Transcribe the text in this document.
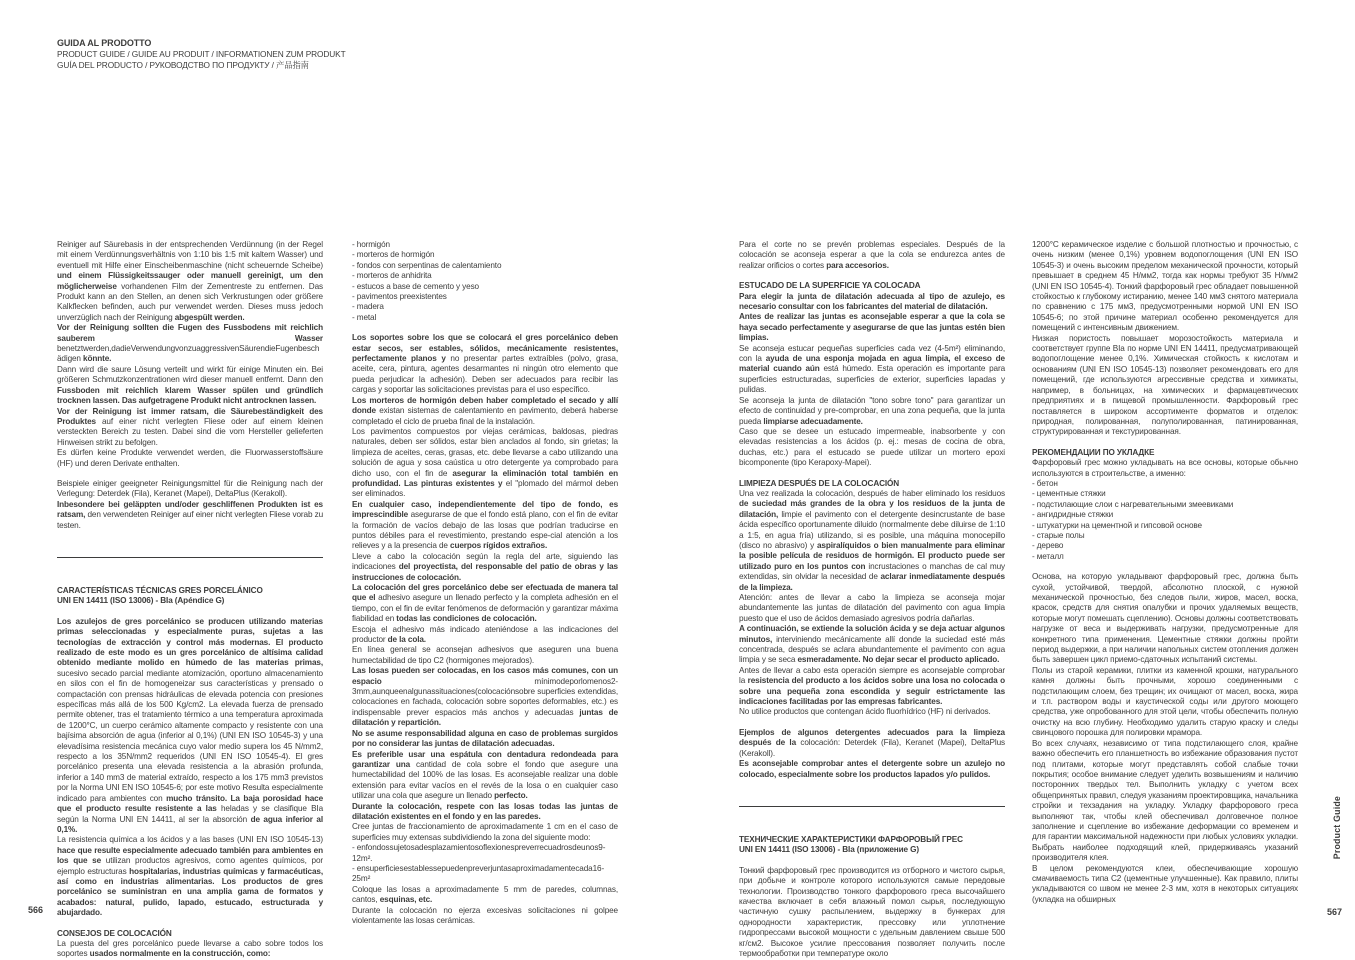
GUIDA AL PRODOTTO
PRODUCT GUIDE / GUIDE AU PRODUIT / INFORMATIONEN ZUM PRODUKT
GUÍA DEL PRODUCTO / РУКОВОДСТВО ПО ПРОДУКТУ / 产品指南

Reiniger auf Säurebasis in der entsprechenden Verdünnung (in der Regel mit einem Verdünnungsverhältnis von 1:10 bis 1:5 mit kaltem Wasser) und eventuell mit Hilfe einer Einscheibenmaschine (nicht scheuernde Scheibe) und einem Flüssigkeitssauger oder manuell gereinigt, um den möglicherweise vorhandenen Film der Zementreste zu entfernen. Das Produkt kann an den Stellen, an denen sich Verkrustungen oder größere Kalkflecken befinden, auch pur verwendet werden. Dieses muss jedoch unverzüglich nach der Reinigung abgespült werden.

Vor der Reinigung sollten die Fugen des Fussbodens mit reichlich sauberem Wasser benetztwerden,dadieVerwendungvonzuaggressivenSäurendieFugenbeschädigen könnte.

Dann wird die saure Lösung verteilt und wirkt für einige Minuten ein. Bei größeren Schmutzkonzentrationen wird dieser manuell entfernt. Dann den Fussboden mit reichlich klarem Wasser spülen und gründlich trocknen lassen. Das aufgetragene Produkt nicht antrocknen lassen.

Vor der Reinigung ist immer ratsam, die Säurebeständigkeit des Produktes auf einer nicht verlegten Fliese oder auf einem kleinen versteckten Bereich zu testen. Dabei sind die vom Hersteller gelieferten Hinweisen strikt zu befolgen.

Es dürfen keine Produkte verwendet werden, die Fluorwasserstoffsäure (HF) und deren Derivate enthalten.

Beispiele einiger geeigneter Reinigungsmittel für die Reinigung nach der Verlegung: Deterdek (Fila), Keranet (Mapei), DeltaPlus (Kerakoll).

Inbesondere bei geläppten und/oder geschliffenen Produkten ist es ratsam, den verwendeten Reiniger auf einer nicht verlegten Fliese vorab zu testen.

CARACTERÍSTICAS TÉCNICAS GRES PORCELÁNICO

UNI EN 14411 (ISO 13006) - BIa (Apéndice G)

Los azulejos de gres porcelánico se producen utilizando materias primas seleccionadas y especialmente puras, sujetas a las tecnologías de extracción y control más modernas. El producto realizado de este modo es un gres porcelánico de altísima calidad obtenido mediante molido en húmedo de las materias primas, sucesivo secado parcial mediante atomización, oportuno almacenamiento en silos con el fin de homogeneizar sus características y prensado o compactación con prensas hidráulicas de elevada potencia con presiones específicas más allá de los 500 Kg/cm2. La elevada fuerza de prensado permite obtener, tras el tratamiento térmico a una temperatura aproximada de 1200°C, un cuerpo cerámico altamente compacto y resistente con una bajísima absorción de agua (inferior al 0,1%) (UNI EN ISO 10545-3) y una elevadísima resistencia mecánica cuyo valor medio supera los 45 N/mm2, respecto a los 35N/mm2 requeridos (UNI EN ISO 10545-4). El gres porcelánico presenta una elevada resistencia a la abrasión profunda, inferior a 140 mm3 de material extraído, respecto a los 175 mm3 previstos por la Norma UNI EN ISO 10545-6; por este motivo Resulta especialmente indicado para ambientes con mucho tránsito. La baja porosidad hace que el producto resulte resistente a las heladas y se clasifique BIa según la Norma UNI EN 14411, al ser la absorción de agua inferior al 0,1%.

La resistencia química a los ácidos y a las bases (UNI EN ISO 10545-13) hace que resulte especialmente adecuado también para ambientes en los que se utilizan productos agresivos, como agentes químicos, por ejemplo estructuras hospitalarias, industrias químicas y farmacéuticas, así como en industrias alimentarias. Los productos de gres porcelánico se suministran en una amplia gama de formatos y acabados: natural, pulido, lapado, estucado, estructurada y abujardado.

CONSEJOS DE COLOCACIÓN

La puesta del gres porcelánico puede llevarse a cabo sobre todos los soportes usados normalmente en la construcción, como:

- hormigón

- morteros de hormigón

- fondos con serpentinas de calentamiento

- morteros de anhidrita

- estucos a base de cemento y yeso

- pavimentos preexistentes

- madera

- metal

Los soportes sobre los que se colocará el gres porcelánico deben estar secos, ser estables, sólidos, mecánicamente resistentes, perfectamente planos y no presentar partes extraíbles (polvo, grasa, aceite, cera, pintura, agentes desarmantes ni ningún otro elemento que pueda perjudicar la adhesión). Deben ser adecuados para recibir las cargas y soportar las solicitaciones previstas para el uso específico.

Los morteros de hormigón deben haber completado el secado y allí donde existan sistemas de calentamiento en pavimento, deberá haberse completado el ciclo de prueba final de la instalación.

Los pavimentos compuestos por viejas cerámicas, baldosas, piedras naturales, deben ser sólidos, estar bien anclados al fondo, sin grietas; la limpieza de aceites, ceras, grasas, etc. debe llevarse a cabo utilizando una solución de agua y sosa caústica u otro detergente ya comprobado para dicho uso, con el fin de asegurar la eliminación total también en profundidad. Las pinturas existentes y el "plomado del mármol deben ser eliminados.

En cualquier caso, independientemente del tipo de fondo, es imprescindible asegurarse de que el fondo está plano, con el fin de evitar la formación de vacíos debajo de las losas que podrían traducirse en puntos débiles para el revestimiento, prestando espe-cial atención a los relieves y a la presencia de cuerpos rígidos extraños.

Lleve a cabo la colocación según la regla del arte, siguiendo las indicaciones del proyectista, del responsable del patio de obras y las instrucciones de colocación.

La colocación del gres porcelánico debe ser efectuada de manera tal que el adhesivo asegure un llenado perfecto y la completa adhesión en el tiempo, con el fin de evitar fenómenos de deformación y garantizar máxima fiabilidad en todas las condiciones de colocación.

Escoja el adhesivo más indicado ateniéndose a las indicaciones del productor de la cola.

En línea general se aconsejan adhesivos que aseguren una buena humectabilidad de tipo C2 (hormigones mejorados).

Las losas pueden ser colocadas, en los casos más comunes, con un espacio mínimodeporlomenos2-3mm,aunqueenalgunassituaciones(colocaciónsobre superficies extendidas, colocaciones en fachada, colocación sobre soportes deformables, etc.) es indispensable prever espacios más anchos y adecuadas juntas de dilatación y repartición.

No se asume responsabilidad alguna en caso de problemas surgidos por no considerar las juntas de dilatación adecuadas.

Es preferible usar una espátula con dentadura redondeada para garantizar una cantidad de cola sobre el fondo que asegure una humectabilidad del 100% de las losas. Es aconsejable realizar una doble extensión para evitar vacíos en el revés de la losa o en cualquier caso utilizar una cola que asegure un llenado perfecto.

Durante la colocación, respete con las losas todas las juntas de dilatación existentes en el fondo y en las paredes.

Cree juntas de fraccionamiento de aproximadamente 1 cm en el caso de superficies muy extensas subdividiendo la zona del siguiente modo:

- enfondossujetosadesplazamientosoflexionespreverrecuadrosdeunos9-12m².

- ensuperficiesestablessepuedenpreverjuntasaproximadamentecada16-25m²

Coloque las losas a aproximadamente 5 mm de paredes, columnas, cantos, esquinas, etc.

Durante la colocación no ejerza excesivas solicitaciones ni golpee violentamente las losas cerámicas.

Para el corte no se prevén problemas especiales. Después de la colocación se aconseja esperar a que la cola se endurezca antes de realizar orificios o cortes para accesorios.

ESTUCADO DE LA SUPERFICIE YA COLOCADA

Para elegir la junta de dilatación adecuada al tipo de azulejo, es necesario consultar con los fabricantes del material de dilatación.

Antes de realizar las juntas es aconsejable esperar a que la cola se haya secado perfectamente y asegurarse de que las juntas estén bien limpias.

Se aconseja estucar pequeñas superficies cada vez (4-5m²) eliminando, con la ayuda de una esponja mojada en agua limpia, el exceso de material cuando aún está húmedo. Esta operación es importante para superficies estructuradas, superficies de exterior, superficies lapadas y pulidas.

Se aconseja la junta de dilatación "tono sobre tono" para garantizar un efecto de continuidad y pre-comprobar, en una zona pequeña, que la junta pueda limpiarse adecuadamente.

Caso que se desee un estucado impermeable, inabsorbente y con elevadas resistencias a los ácidos (p. ej.: mesas de cocina de obra, duchas, etc.) para el estucado se puede utilizar un mortero epoxi bicomponente (tipo Kerapoxy-Mapei).

LIMPIEZA DESPUÉS DE LA COLOCACIÓN

Una vez realizada la colocación, después de haber eliminado los residuos de suciedad más grandes de la obra y los residuos de la junta de dilatación, limpie el pavimento con el detergente desincrustante de base ácida específico oportunamente diluido (normalmente debe diluirse de 1:10 a 1:5, en agua fría) utilizando, si es posible, una máquina monocepillo (disco no abrasivo) y aspiralíquidos o bien manualmente para eliminar la posible película de residuos de hormigón. El producto puede ser utilizado puro en los puntos con incrustaciones o manchas de cal muy extendidas, sin olvidar la necesidad de aclarar inmediatamente después de la limpieza.

Atención: antes de llevar a cabo la limpieza se aconseja mojar abundantemente las juntas de dilatación del pavimento con agua limpia puesto que el uso de ácidos demasiado agresivos podría dañarlas.

A continuación, se extiende la solución ácida y se deja actuar algunos minutos, interviniendo mecánicamente allí donde la suciedad esté más concentrada, después se aclara abundantemente el pavimento con agua limpia y se seca esmeradamente. No dejar secar el producto aplicado.

Antes de llevar a cabo esta operación siempre es aconsejable comprobar la resistencia del producto a los ácidos sobre una losa no colocada o sobre una pequeña zona escondida y seguir estrictamente las indicaciones facilitadas por las empresas fabricantes.

No utilice productos que contengan ácido fluorhídrico (HF) ni derivados.

Ejemplos de algunos detergentes adecuados para la limpieza después de la colocación: Deterdek (Fila), Keranet (Mapei), DeltaPlus (Kerakoll).

Es aconsejable comprobar antes el detergente sobre un azulejo no colocado, especialmente sobre los productos lapados y/o pulidos.

ТЕХНИЧЕСКИЕ ХАРАКТЕРИСТИКИ ФАРФОРОВЫЙ ГРЕС

UNI EN 14411 (ISO 13006) - BIa (приложение G)

Тонкий фарфоровый грес производится из отборного и чистого сырья, при добыче и контроле которого используются самые передовые технологии. Производство тонкого фарфорового греса высочайшего качества включает в себя влажный помол сырья, последующую частичную сушку распылением, выдержку в бункерах для однородности характеристик, прессовку или уплотнение гидропрессами высокой мощности с удельным давлением свыше 500 кг/см2. Высокое усилие прессования позволяет получить после термообработки при температуре около

1200°C керамическое изделие с большой плотностью и прочностью, с очень низким (менее 0,1%) уровнем водопоглощения (UNI EN ISO 10545-3) и очень высоким пределом механической прочности, который превышает в среднем 45 Н/мм2, тогда как нормы требуют 35 Н/мм2 (UNI EN ISO 10545-4). Тонкий фарфоровый грес обладает повышенной стойкостью к глубокому истиранию, менее 140 мм3 снятого материала по сравнению с 175 мм3, предусмотренными нормой UNI EN ISO 10545-6; по этой причине материал особенно рекомендуется для помещений с интенсивным движением.

Низкая пористость повышает морозостойкость материала и соответствует группе BIa по норме UNI EN 14411, предусматривающей водопоглощение менее 0,1%. Химическая стойкость к кислотам и основаниям (UNI EN ISO 10545-13) позволяет рекомендовать его для помещений, где используются агрессивные средства и химикаты, например, в больницах, на химических и фармацевтических предприятиях и в пищевой промышленности. Фарфоровый грес поставляется в широком ассортименте форматов и отделок: природная, полированная, полуполированная, патинированная, структурированная и текстурированная.

РЕКОМЕНДАЦИИ ПО УКЛАДКЕ

Фарфоровый грес можно укладывать на все основы, которые обычно используются в строительстве, а именно:

- бетон

- цементные стяжки

- подстилающие слои с нагревательными змеевиками

- ангидридные стяжки

- штукатурки на цементной и гипсовой основе

- старые полы

- дерево

- металл

Основа, на которую укладывают фарфоровый грес, должна быть сухой, устойчивой, твердой, абсолютно плоской, с нужной механической прочностью, без следов пыли, жиров, масел, воска, красок, средств для снятия опалубки и прочих удаляемых веществ, которые могут помешать сцеплению). Основы должны соответствовать нагрузке от веса и выдерживать нагрузки, предусмотренные для конкретного типа применения. Цементные стяжки должны пройти период выдержки, а при наличии напольных систем отопления должен быть завершен цикл приемо-сдаточных испытаний системы.

Полы из старой керамики, плитки из каменной крошки, натурального камня должны быть прочными, хорошо соединенными с подстилающим слоем, без трещин; их очищают от масел, воска, жира и т.п. раствором воды и каустической соды или другого моющего средства, уже опробованного для этой цели, чтобы обеспечить полную очистку на всю глубину. Необходимо удалить старую краску и следы свинцового порошка для полировки мрамора.

Во всех случаях, независимо от типа подстилающего слоя, крайне важно обеспечить его планшетность во избежание образования пустот под плитами, которые могут представлять собой слабые точки покрытия; особое внимание следует уделить возвышениям и наличию посторонних твердых тел. Выполнить укладку с учетом всех общепринятых правил, следуя указаниям проектировщика, начальника стройки и техзадания на укладку. Укладку фарфорового греса выполняют так, чтобы клей обеспечивал долговечное полное заполнение и сцепление во избежание деформации со временем и для гарантии максимальной надежности при любых условиях укладки. Выбрать наиболее подходящий клей, придерживаясь указаний производителя клея.

В целом рекомендуются клеи, обеспечивающие хорошую смачиваемость типа C2 (цементные улучшенные). Как правило, плиты укладываются со швом не менее 2-3 мм, хотя в некоторых ситуациях (укладка на обширных

566	567
Product Guide
